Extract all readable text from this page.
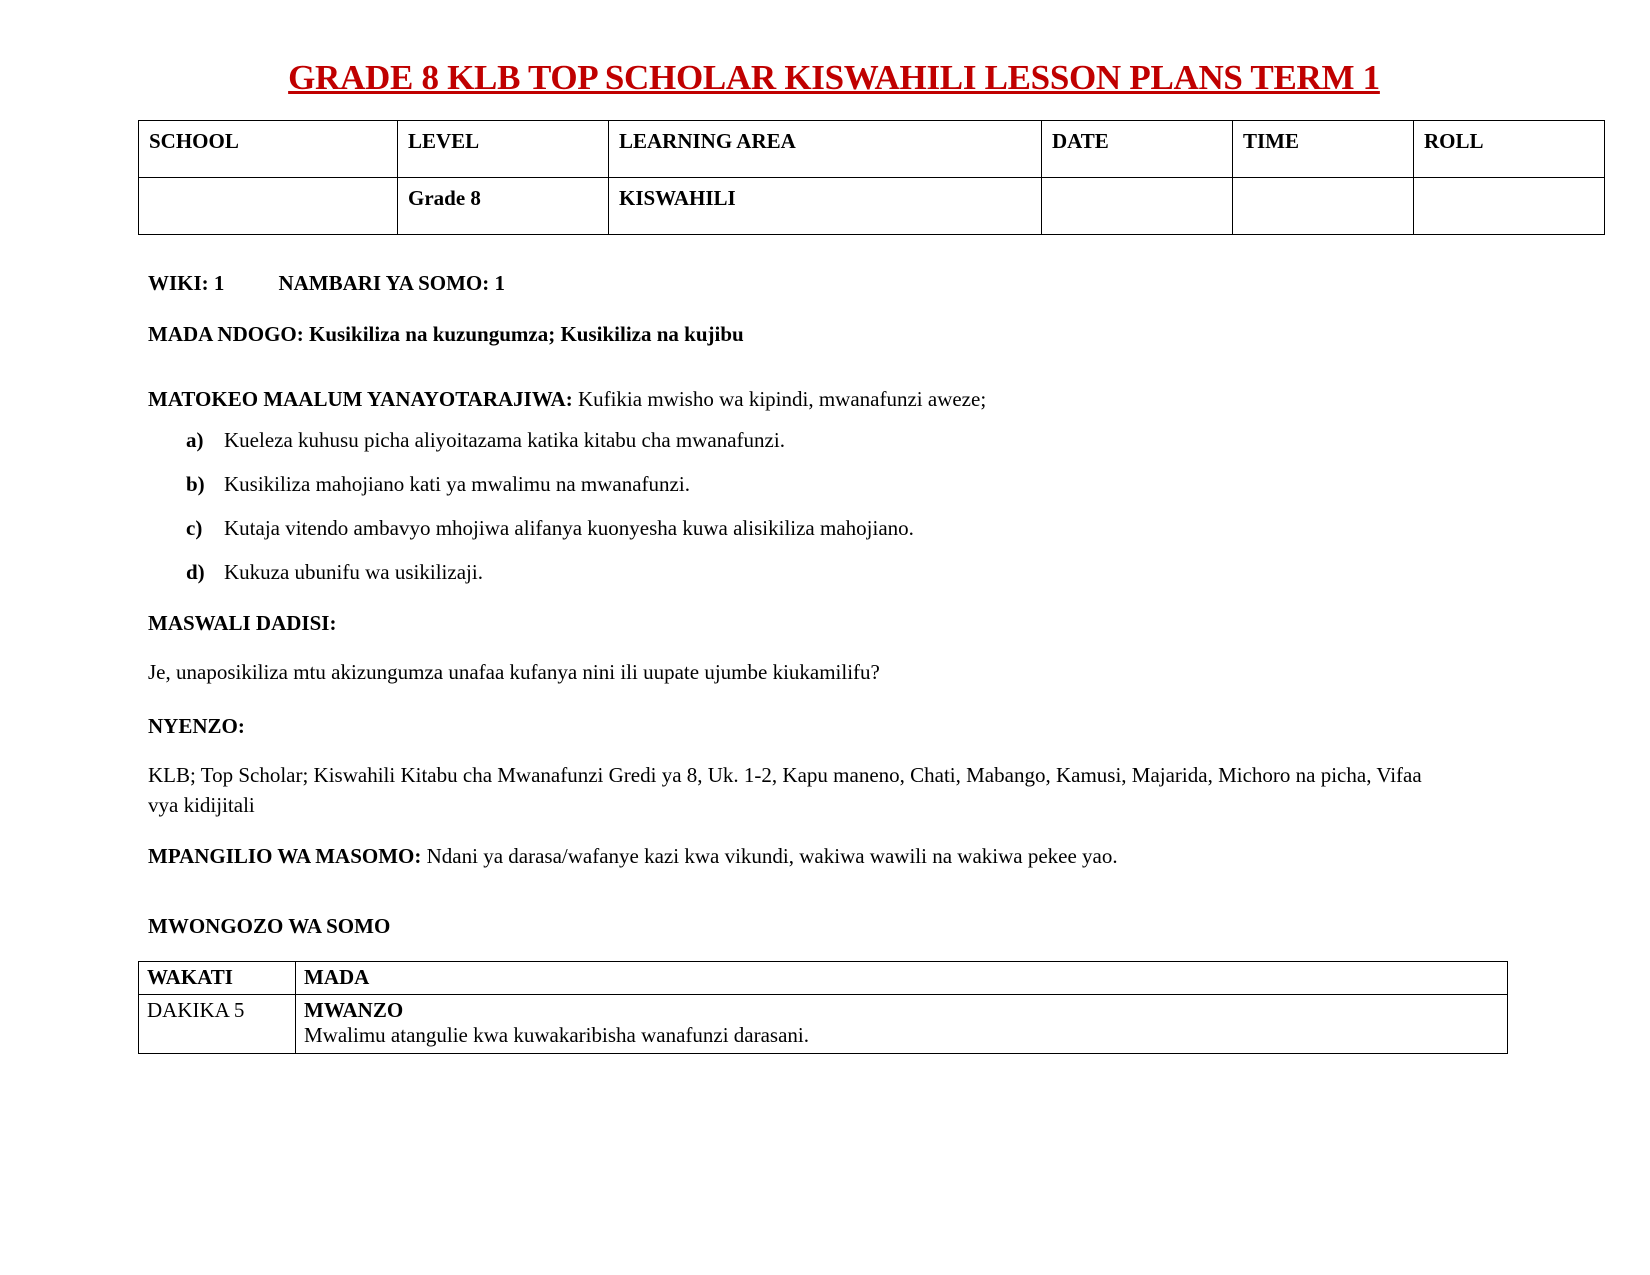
GRADE 8 KLB TOP SCHOLAR KISWAHILI LESSON PLANS TERM 1
SCHOOL	LEVEL	LEARNING AREA	DATE	TIME	ROLL
	Grade 8	KISWAHILI			
WIKI: 1	NAMBARI YA SOMO: 1
MADA NDOGO: Kusikiliza na kuzungumza; Kusikiliza na kujibu
MATOKEO MAALUM YANAYOTARAJIWA: Kufikia mwisho wa kipindi, mwanafunzi aweze;
a) Kueleza kuhusu picha aliyoitazama katika kitabu cha mwanafunzi.
b) Kusikiliza mahojiano kati ya mwalimu na mwanafunzi.
c)	Kutaja vitendo ambavyo mhojiwa alifanya kuonyesha kuwa alisikiliza mahojiano.
d) Kukuza ubunifu wa usikilizaji.
MASWALI DADISI:
Je, unaposikiliza mtu akizungumza unafaa kufanya nini ili uupate ujumbe kiukamilifu?
NYENZO:
KLB; Top Scholar; Kiswahili Kitabu cha Mwanafunzi Gredi ya 8, Uk. 1-2, Kapu maneno, Chati, Mabango, Kamusi, Majarida, Michoro na picha, Vifaa vya kidijitali
MPANGILIO WA MASOMO: Ndani ya darasa/wafanye kazi kwa vikundi, wakiwa wawili na wakiwa pekee yao.
MWONGOZO WA SOMO
WAKATI	MADA
DAKIKA 5	MWANZO
Mwalimu atangulie kwa kuwakaribisha wanafunzi darasani.
